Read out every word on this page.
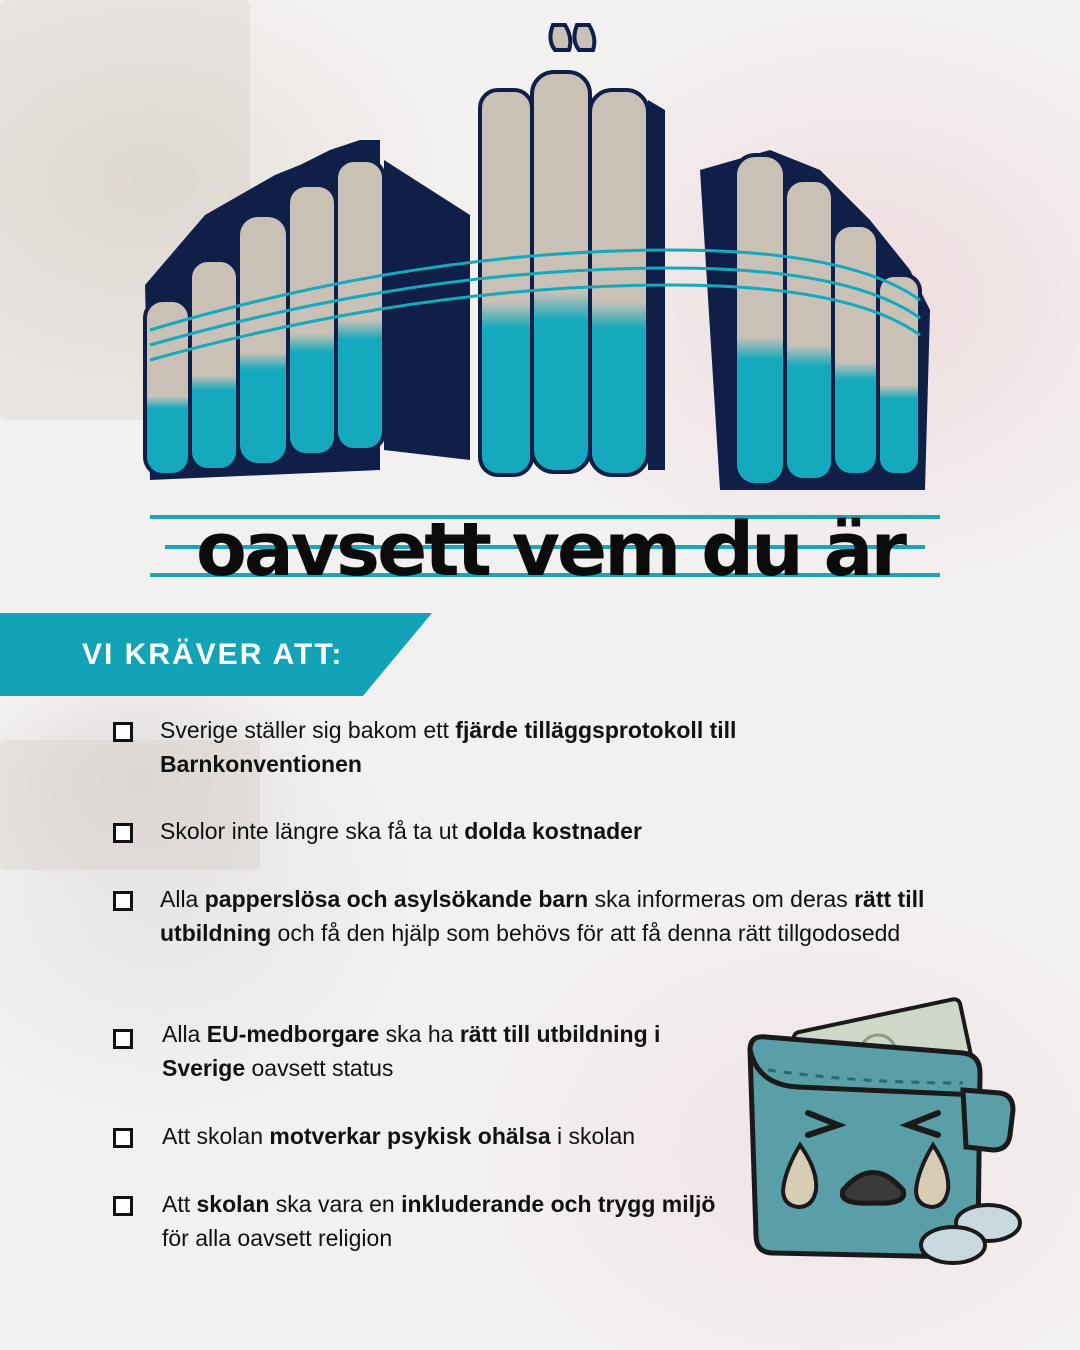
oavsett vem du är
VI KRÄVER ATT:
Sverige ställer sig bakom ett fjärde tilläggsprotokoll till Barnkonventionen
Skolor inte längre ska få ta ut dolda kostnader
Alla papperslösa och asylsökande barn ska informeras om deras rätt till utbildning och få den hjälp som behövs för att få denna rätt tillgodosedd
Alla EU-medborgare ska ha rätt till utbildning i Sverige oavsett status
Att skolan motverkar psykisk ohälsa i skolan
Att skolan ska vara en inkluderande och trygg miljö för alla oavsett religion
